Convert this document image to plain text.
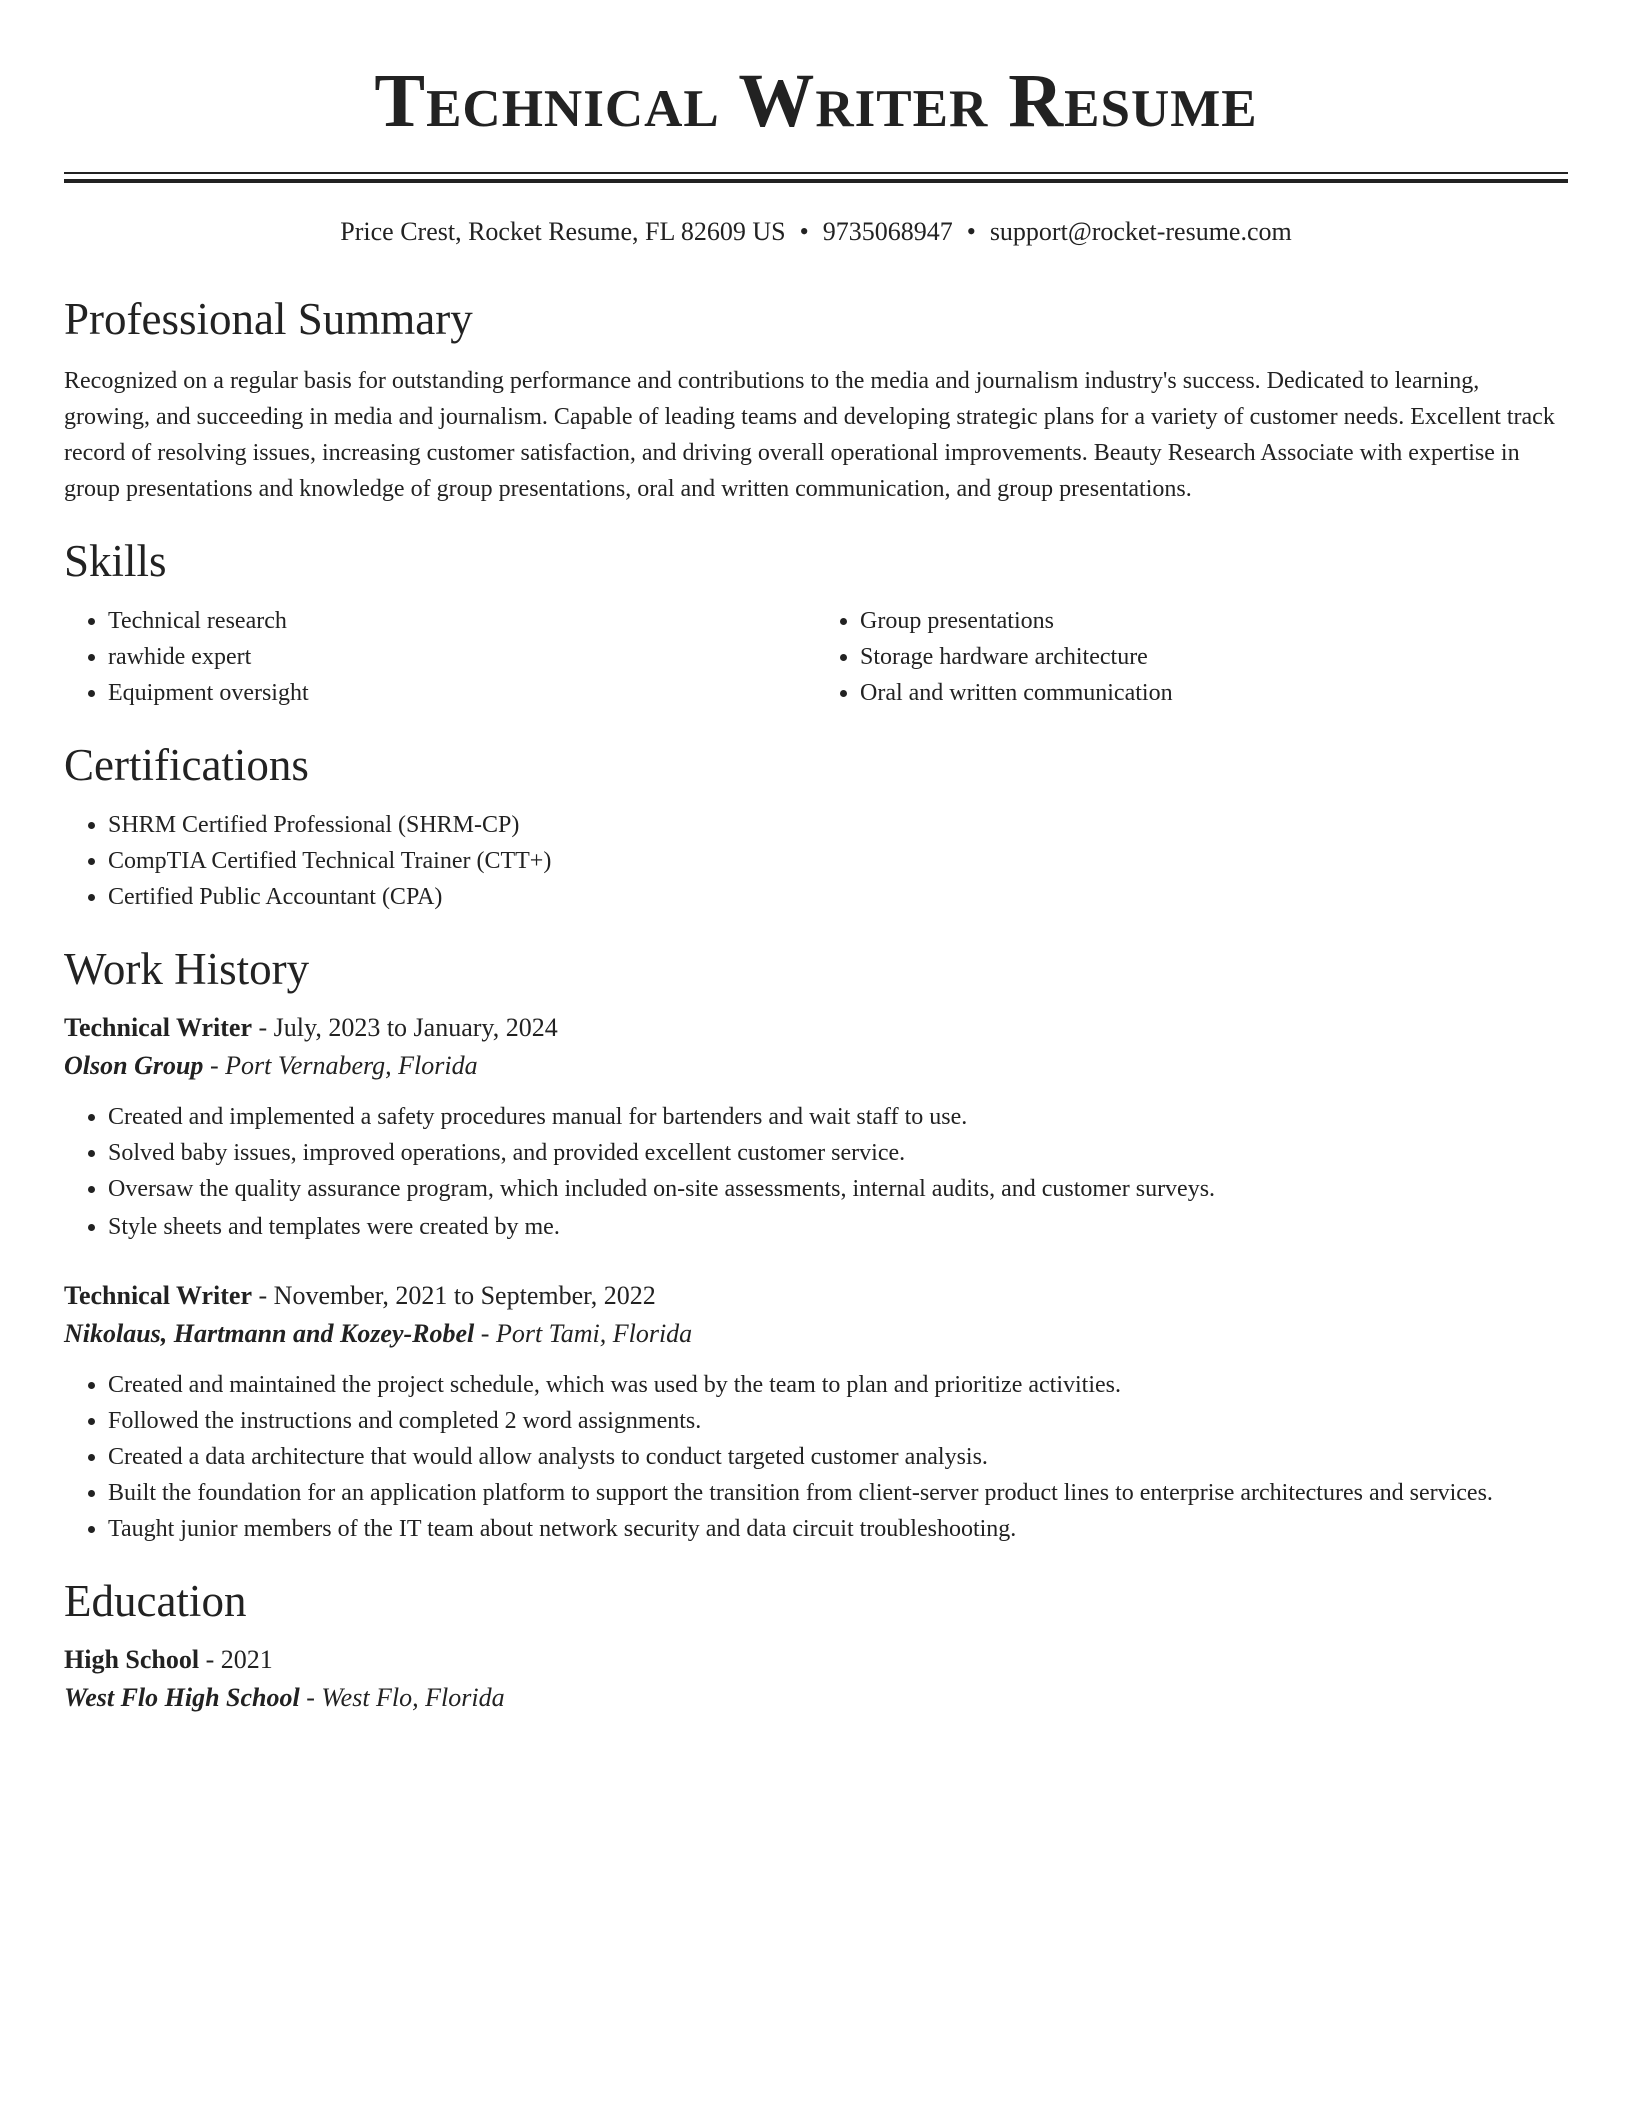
Technical Writer Resume
Price Crest, Rocket Resume, FL 82609 US • 9735068947 • support@rocket-resume.com
Professional Summary

Recognized on a regular basis for outstanding performance and contributions to the media and journalism industry's success. Dedicated to learning, growing, and succeeding in media and journalism. Capable of leading teams and developing strategic plans for a variety of customer needs. Excellent track record of resolving issues, increasing customer satisfaction, and driving overall operational improvements. Beauty Research Associate with expertise in group presentations and knowledge of group presentations, oral and written communication, and group presentations.

Skills
• Technical research
• rawhide expert
• Equipment oversight
• Group presentations
• Storage hardware architecture
• Oral and written communication
Certifications
• SHRM Certified Professional (SHRM-CP)
• CompTIA Certified Technical Trainer (CTT+)
• Certified Public Accountant (CPA)
Work History

Technical Writer - July, 2023 to January, 2024

Olson Group - Port Vernaberg, Florida

• Created and implemented a safety procedures manual for bartenders and wait staff to use.
• Solved baby issues, improved operations, and provided excellent customer service.
• Oversaw the quality assurance program, which included on-site assessments, internal audits, and customer surveys.
• Style sheets and templates were created by me.

Technical Writer - November, 2021 to September, 2022

Nikolaus, Hartmann and Kozey-Robel - Port Tami, Florida

• Created and maintained the project schedule, which was used by the team to plan and prioritize activities.
• Followed the instructions and completed 2 word assignments.
• Created a data architecture that would allow analysts to conduct targeted customer analysis.
• Built the foundation for an application platform to support the transition from client-server product lines to enterprise architectures and services.
• Taught junior members of the IT team about network security and data circuit troubleshooting.
Education

High School - 2021

West Flo High School - West Flo, Florida
